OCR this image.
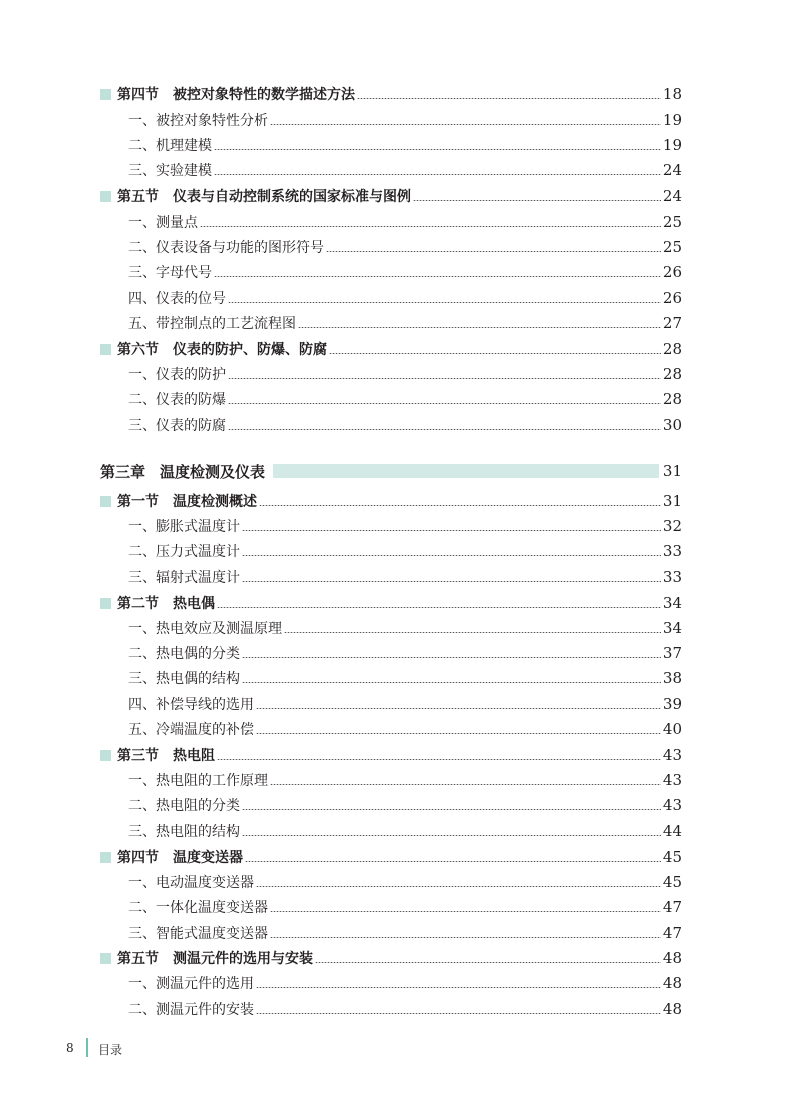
第四节　被控对象特性的数学描述方法	18
一、被控对象特性分析	19
二、机理建模	19
三、实验建模	24
第五节　仪表与自动控制系统的国家标准与图例	24
一、测量点	25
二、仪表设备与功能的图形符号	25
三、字母代号	26
四、仪表的位号	26
五、带控制点的工艺流程图	27
第六节　仪表的防护、防爆、防腐	28
一、仪表的防护	28
二、仪表的防爆	28
三、仪表的防腐	30
第三章　温度检测及仪表	31
第一节　温度检测概述	31
一、膨胀式温度计	32
二、压力式温度计	33
三、辐射式温度计	33
第二节　热电偶	34
一、热电效应及测温原理	34
二、热电偶的分类	37
三、热电偶的结构	38
四、补偿导线的选用	39
五、冷端温度的补偿	40
第三节　热电阻	43
一、热电阻的工作原理	43
二、热电阻的分类	43
三、热电阻的结构	44
第四节　温度变送器	45
一、电动温度变送器	45
二、一体化温度变送器	47
三、智能式温度变送器	47
第五节　测温元件的选用与安装	48
一、测温元件的选用	48
二、测温元件的安装	48
8 目录
